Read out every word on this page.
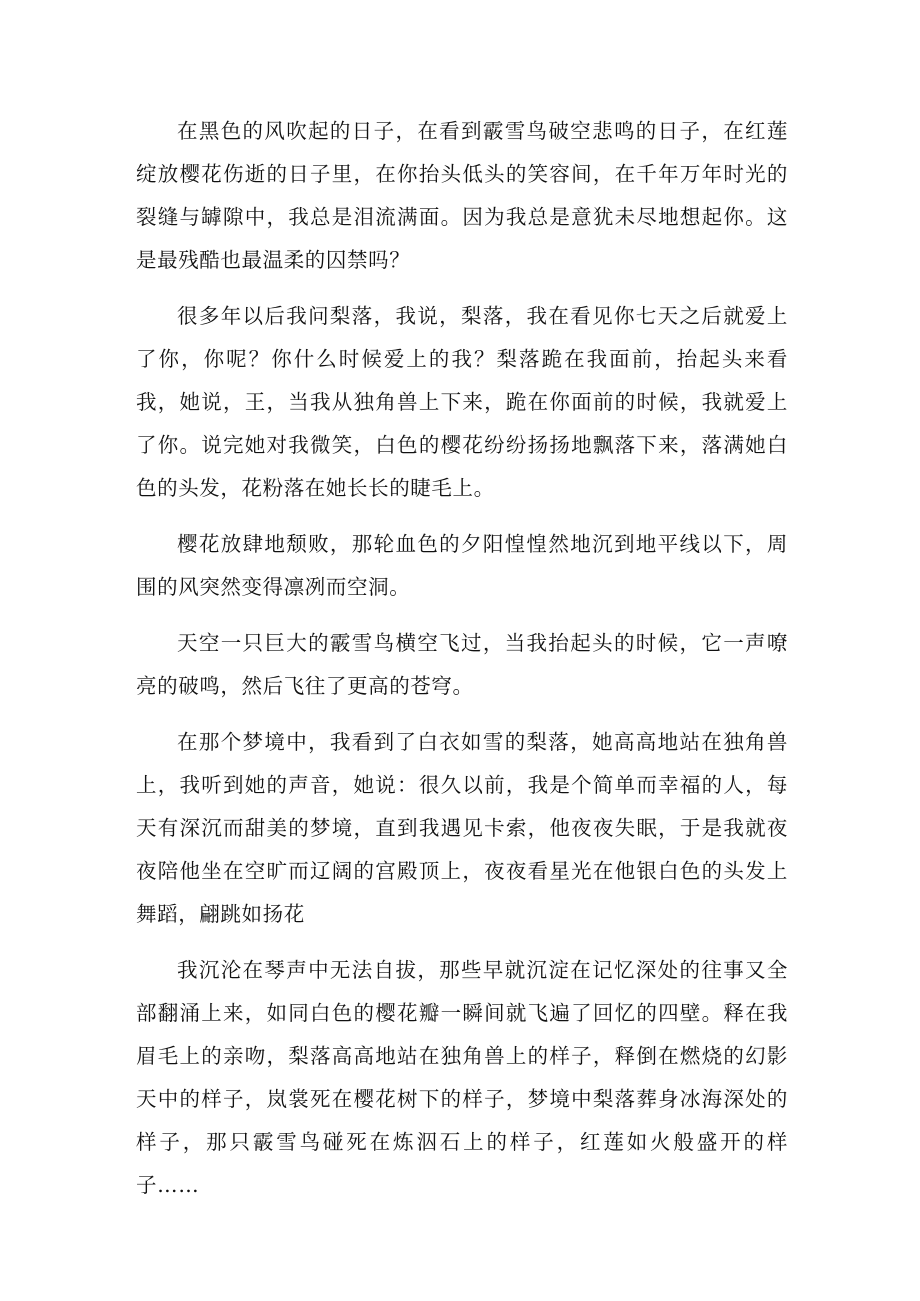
在黑色的风吹起的日子，在看到霰雪鸟破空悲鸣的日子，在红莲绽放樱花伤逝的日子里，在你抬头低头的笑容间，在千年万年时光的裂缝与罅隙中，我总是泪流满面。因为我总是意犹未尽地想起你。这是最残酷也最温柔的囚禁吗？

很多年以后我问梨落，我说，梨落，我在看见你七天之后就爱上了你，你呢？你什么时候爱上的我？梨落跪在我面前，抬起头来看我，她说，王，当我从独角兽上下来，跪在你面前的时候，我就爱上了你。说完她对我微笑，白色的樱花纷纷扬扬地飘落下来，落满她白色的头发，花粉落在她长长的睫毛上。

樱花放肆地颓败，那轮血色的夕阳惶惶然地沉到地平线以下，周围的风突然变得凛冽而空洞。

天空一只巨大的霰雪鸟横空飞过，当我抬起头的时候，它一声嘹亮的破鸣，然后飞往了更高的苍穹。

在那个梦境中，我看到了白衣如雪的梨落，她高高地站在独角兽上，我听到她的声音，她说：很久以前，我是个简单而幸福的人，每天有深沉而甜美的梦境，直到我遇见卡索，他夜夜失眠，于是我就夜夜陪他坐在空旷而辽阔的宫殿顶上，夜夜看星光在他银白色的头发上舞蹈，翩跳如扬花

我沉沦在琴声中无法自拔，那些早就沉淀在记忆深处的往事又全部翻涌上来，如同白色的樱花瓣一瞬间就飞遍了回忆的四壁。释在我眉毛上的亲吻，梨落高高地站在独角兽上的样子，释倒在燃烧的幻影天中的样子，岚裳死在樱花树下的样子，梦境中梨落葬身冰海深处的样子，那只霰雪鸟碰死在炼泅石上的样子，红莲如火般盛开的样子……
